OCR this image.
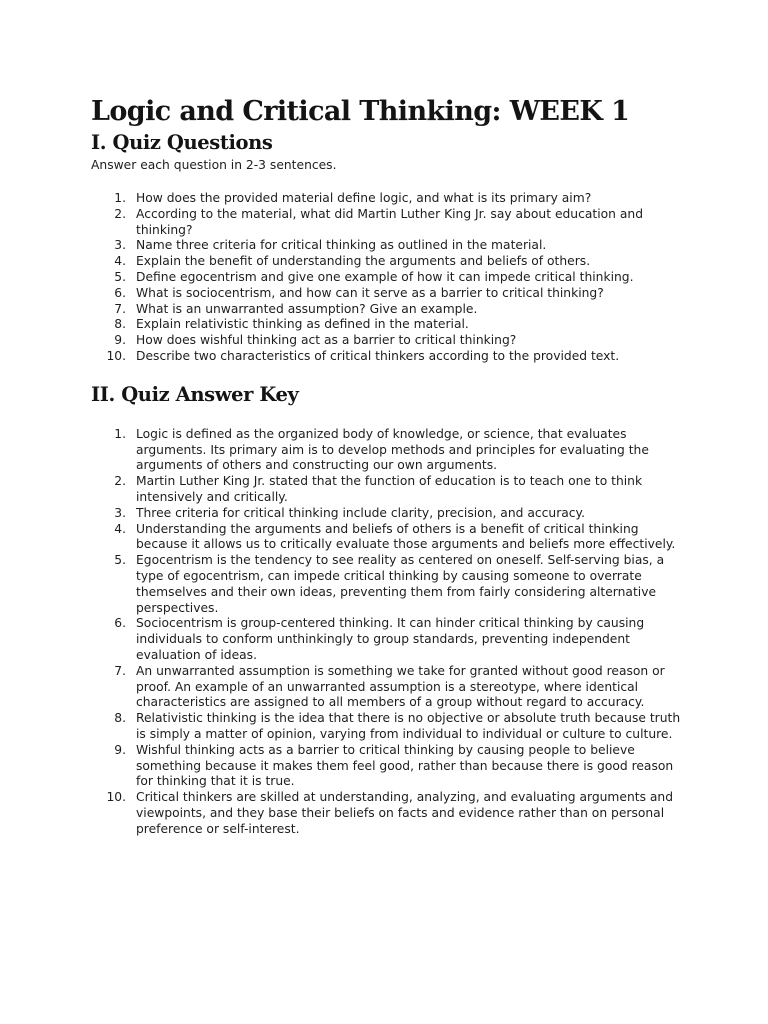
Logic and Critical Thinking: WEEK 1
I. Quiz Questions

Answer each question in 2-3 sentences.

1. How does the provided material define logic, and what is its primary aim?
2. According to the material, what did Martin Luther King Jr. say about education and thinking?
3. Name three criteria for critical thinking as outlined in the material.
4. Explain the benefit of understanding the arguments and beliefs of others.
5. Define egocentrism and give one example of how it can impede critical thinking.
6. What is sociocentrism, and how can it serve as a barrier to critical thinking?
7. What is an unwarranted assumption? Give an example.
8. Explain relativistic thinking as defined in the material.
9. How does wishful thinking act as a barrier to critical thinking?
10. Describe two characteristics of critical thinkers according to the provided text.
II. Quiz Answer Key
1. Logic is defined as the organized body of knowledge, or science, that evaluates arguments. Its primary aim is to develop methods and principles for evaluating the arguments of others and constructing our own arguments.
2. Martin Luther King Jr. stated that the function of education is to teach one to think intensively and critically.
3. Three criteria for critical thinking include clarity, precision, and accuracy.
4. Understanding the arguments and beliefs of others is a benefit of critical thinking because it allows us to critically evaluate those arguments and beliefs more effectively.
5. Egocentrism is the tendency to see reality as centered on oneself. Self-serving bias, a type of egocentrism, can impede critical thinking by causing someone to overrate themselves and their own ideas, preventing them from fairly considering alternative perspectives.
6. Sociocentrism is group-centered thinking. It can hinder critical thinking by causing individuals to conform unthinkingly to group standards, preventing independent evaluation of ideas.
7. An unwarranted assumption is something we take for granted without good reason or proof. An example of an unwarranted assumption is a stereotype, where identical characteristics are assigned to all members of a group without regard to accuracy.
8. Relativistic thinking is the idea that there is no objective or absolute truth because truth is simply a matter of opinion, varying from individual to individual or culture to culture.
9. Wishful thinking acts as a barrier to critical thinking by causing people to believe something because it makes them feel good, rather than because there is good reason for thinking that it is true.
10. Critical thinkers are skilled at understanding, analyzing, and evaluating arguments and viewpoints, and they base their beliefs on facts and evidence rather than on personal preference or self-interest.
